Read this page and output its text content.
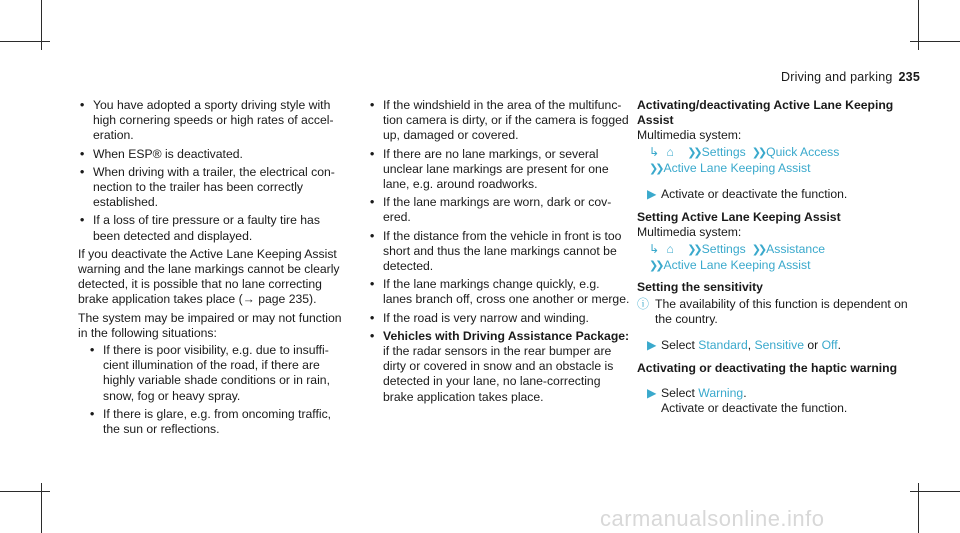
Driving and parking 235
• You have adopted a sporty driving style with high cornering speeds or high rates of acceleration.
• When ESP® is deactivated.
• When driving with a trailer, the electrical connection to the trailer has been correctly established.
• If a loss of tire pressure or a faulty tire has been detected and displayed.

If you deactivate the Active Lane Keeping Assist warning and the lane markings cannot be clearly detected, it is possible that no lane correcting brake application takes place (→ page 235).

The system may be impaired or may not function in the following situations:

• If there is poor visibility, e.g. due to insufficient illumination of the road, if there are highly variable shade conditions or in rain, snow, fog or heavy spray.
• If there is glare, e.g. from oncoming traffic, the sun or reflections.
• If the windshield in the area of the multifunction camera is dirty, or if the camera is fogged up, damaged or covered.
• If there are no lane markings, or several unclear lane markings are present for one lane, e.g. around roadworks.
• If the lane markings are worn, dark or covered.
• If the distance from the vehicle in front is too short and thus the lane markings cannot be detected.
• If the lane markings change quickly, e.g. lanes branch off, cross one another or merge.
• If the road is very narrow and winding.
• Vehicles with Driving Assistance Package: if the radar sensors in the rear bumper are dirty or covered in snow and an obstacle is detected in your lane, no lane-correcting brake application takes place.

Activating/deactivating Active Lane Keeping Assist

Multimedia system:

↳ ⌂ ❯❯ Settings ❯❯ Quick Access
❯❯ Active Lane Keeping Assist
▶ Activate or deactivate the function.

Setting Active Lane Keeping Assist

Multimedia system:

↳ ⌂ ❯❯ Settings ❯❯ Assistance
❯❯ Active Lane Keeping Assist

Setting the sensitivity

ⓘ The availability of this function is dependent on the country.
▶ Select Standard, Sensitive or Off.

Activating or deactivating the haptic warning

▶ Select Warning.
Activate or deactivate the function.
carmanualsonline.info
